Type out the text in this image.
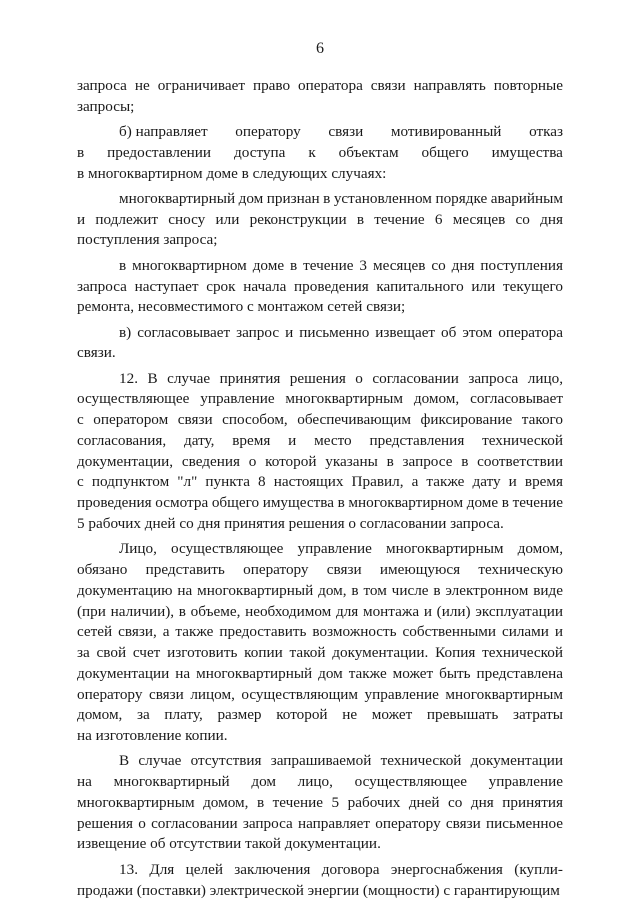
6
запроса не ограничивает право оператора связи направлять повторные
запросы;
б) направляет оператору связи мотивированный отказ
в предоставлении доступа к объектам общего имущества
в многоквартирном доме в следующих случаях:
многоквартирный дом признан в установленном порядке аварийным
и подлежит сносу или реконструкции в течение 6 месяцев со дня
поступления запроса;
в многоквартирном доме в течение 3 месяцев со дня поступления
запроса наступает срок начала проведения капитального или текущего
ремонта, несовместимого с монтажом сетей связи;
в) согласовывает запрос и письменно извещает об этом оператора
связи.
12. В случае принятия решения о согласовании запроса лицо,
осуществляющее управление многоквартирным домом, согласовывает
с оператором связи способом, обеспечивающим фиксирование такого
согласования, дату, время и место представления технической
документации, сведения о которой указаны в запросе в соответствии
с подпунктом "л" пункта 8 настоящих Правил, а также дату и время
проведения осмотра общего имущества в многоквартирном доме в течение
5 рабочих дней со дня принятия решения о согласовании запроса.
Лицо, осуществляющее управление многоквартирным домом,
обязано представить оператору связи имеющуюся техническую
документацию на многоквартирный дом, в том числе в электронном виде
(при наличии), в объеме, необходимом для монтажа и (или) эксплуатации
сетей связи, а также предоставить возможность собственными силами и
за свой счет изготовить копии такой документации. Копия технической
документации на многоквартирный дом также может быть представлена
оператору связи лицом, осуществляющим управление многоквартирным
домом, за плату, размер которой не может превышать затраты
на изготовление копии.
В случае отсутствия запрашиваемой технической документации
на многоквартирный дом лицо, осуществляющее управление
многоквартирным домом, в течение 5 рабочих дней со дня принятия
решения о согласовании запроса направляет оператору связи письменное
извещение об отсутствии такой документации.
13. Для целей заключения договора энергоснабжения (купли-
продажи (поставки) электрической энергии (мощности) с гарантирующим
